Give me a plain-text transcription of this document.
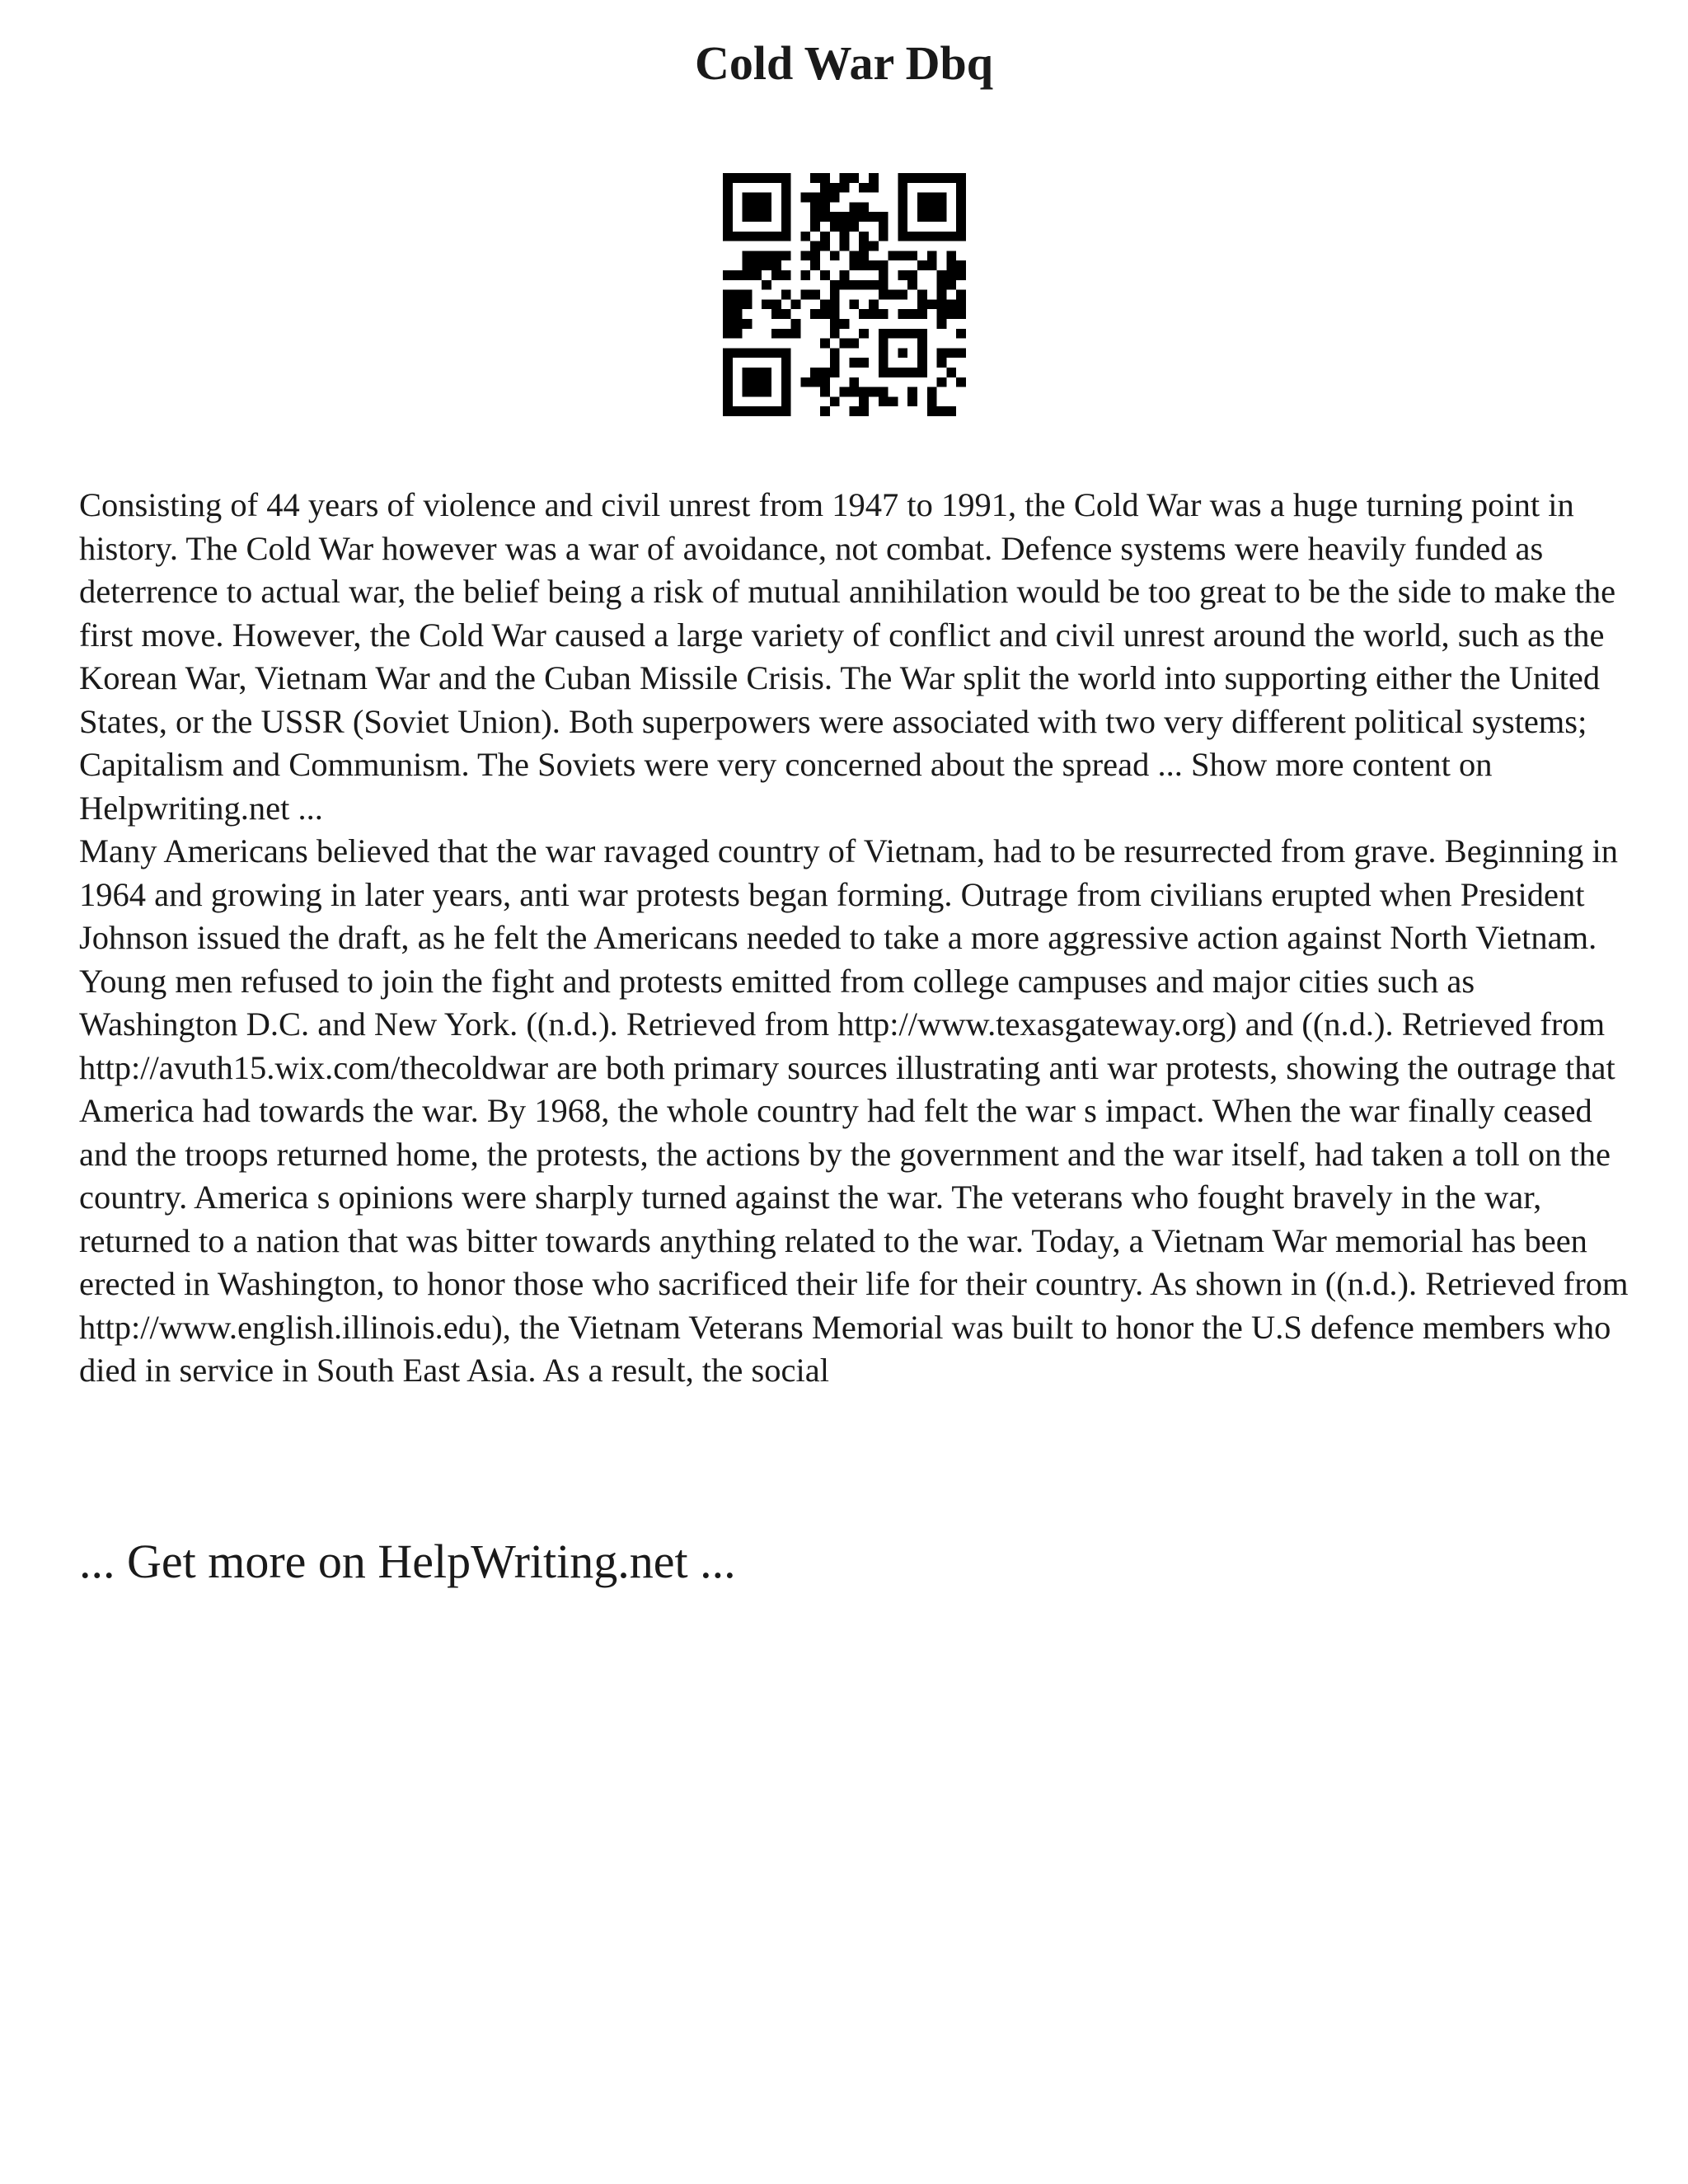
Cold War Dbq

Consisting of 44 years of violence and civil unrest from 1947 to 1991, the Cold War was a huge turning point in history. The Cold War however was a war of avoidance, not combat. Defence systems were heavily funded as deterrence to actual war, the belief being a risk of mutual annihilation would be too great to be the side to make the first move. However, the Cold War caused a large variety of conflict and civil unrest around the world, such as the Korean War, Vietnam War and the Cuban Missile Crisis. The War split the world into supporting either the United States, or the USSR (Soviet Union). Both superpowers were associated with two very different political systems; Capitalism and Communism. The Soviets were very concerned about the spread ... Show more content on Helpwriting.net ...

Many Americans believed that the war ravaged country of Vietnam, had to be resurrected from grave. Beginning in 1964 and growing in later years, anti war protests began forming. Outrage from civilians erupted when President Johnson issued the draft, as he felt the Americans needed to take a more aggressive action against North Vietnam. Young men refused to join the fight and protests emitted from college campuses and major cities such as Washington D.C. and New York. ((n.d.). Retrieved from http://www.texasgateway.org) and ((n.d.). Retrieved from http://avuth15.wix.com/thecoldwar are both primary sources illustrating anti war protests, showing the outrage that America had towards the war. By 1968, the whole country had felt the war s impact. When the war finally ceased and the troops returned home, the protests, the actions by the government and the war itself, had taken a toll on the country. America s opinions were sharply turned against the war. The veterans who fought bravely in the war, returned to a nation that was bitter towards anything related to the war. Today, a Vietnam War memorial has been erected in Washington, to honor those who sacrificed their life for their country. As shown in ((n.d.). Retrieved from http://www.english.illinois.edu), the Vietnam Veterans Memorial was built to honor the U.S defence members who died in service in South East Asia. As a result, the social

... Get more on HelpWriting.net ...
